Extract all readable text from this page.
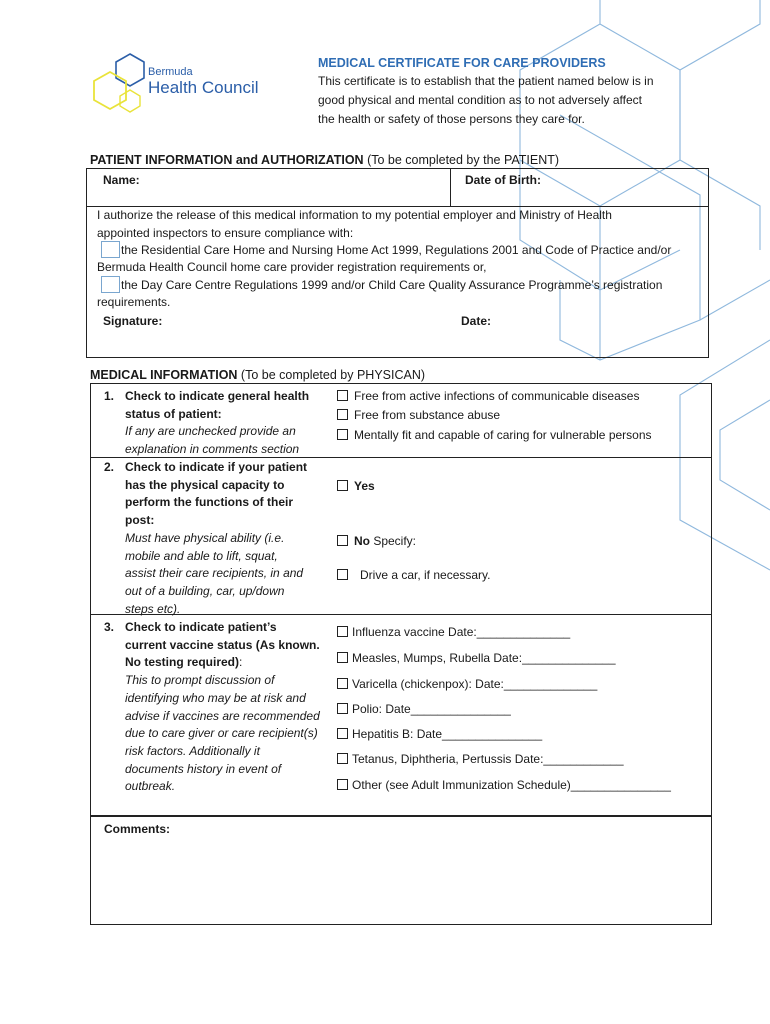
Bermuda
Health Council
MEDICAL CERTIFICATE FOR CARE PROVIDERS
This certificate is to establish that the patient named below is in
good physical and mental condition as to not adversely affect
the health or safety of those persons they care for.
PATIENT INFORMATION and AUTHORIZATION (To be completed by the PATIENT)
Name:	Date of Birth:
I authorize the release of this medical information to my potential employer and Ministry of Health
appointed inspectors to ensure compliance with:
the Residential Care Home and Nursing Home Act 1999, Regulations 2001 and Code of Practice and/or
Bermuda Health Council home care provider registration requirements or,
the Day Care Centre Regulations 1999 and/or Child Care Quality Assurance Programme’s registration
requirements.
Signature:	Date:
MEDICAL INFORMATION (To be completed by PHYSICAN)
1. Check to indicate general health
status of patient:
If any are unchecked provide an
explanation in comments section
Free from active infections of communicable diseases
Free from substance abuse
Mentally fit and capable of caring for vulnerable persons
2. Check to indicate if your patient
has the physical capacity to
perform the functions of their
post:
Must have physical ability (i.e.
mobile and able to lift, squat,
assist their care recipients, in and
out of a building, car, up/down
steps etc).
Yes
No Specify:
Drive a car, if necessary.
3. Check to indicate patient’s
current vaccine status (As known.
No testing required):
This to prompt discussion of
identifying who may be at risk and
advise if vaccines are recommended
due to care giver or care recipient(s)
risk factors. Additionally it
documents history in event of
outbreak.
Influenza vaccine Date:______________
Measles, Mumps, Rubella Date:______________
Varicella (chickenpox): Date:______________
Polio: Date_______________
Hepatitis B: Date_______________
Tetanus, Diphtheria, Pertussis Date:____________
Other (see Adult Immunization Schedule)_______________
Comments:
